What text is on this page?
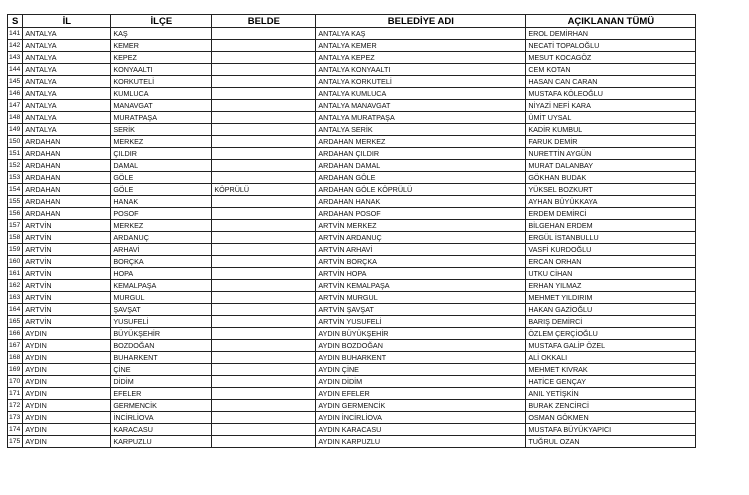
S	İL	İLÇE	BELDE	BELEDİYE ADI	AÇIKLANAN TÜMÜ
141	ANTALYA	KAŞ		ANTALYA KAŞ	EROL DEMİRHAN
142	ANTALYA	KEMER		ANTALYA KEMER	NECATİ TOPALOĞLU
143	ANTALYA	KEPEZ		ANTALYA KEPEZ	MESUT KOCAGÖZ
144	ANTALYA	KONYAALTI		ANTALYA KONYAALTI	CEM KOTAN
145	ANTALYA	KORKUTELİ		ANTALYA KORKUTELİ	HASAN CAN CARAN
146	ANTALYA	KUMLUCA		ANTALYA KUMLUCA	MUSTAFA KÖLEOĞLU
147	ANTALYA	MANAVGAT		ANTALYA MANAVGAT	NİYAZİ NEFİ KARA
148	ANTALYA	MURATPAŞA		ANTALYA MURATPAŞA	ÜMİT UYSAL
149	ANTALYA	SERİK		ANTALYA SERİK	KADİR KUMBUL
150	ARDAHAN	MERKEZ		ARDAHAN MERKEZ	FARUK DEMİR
151	ARDAHAN	ÇILDIR		ARDAHAN ÇILDIR	NURETTİN AYGÜN
152	ARDAHAN	DAMAL		ARDAHAN DAMAL	MURAT DALANBAY
153	ARDAHAN	GÖLE		ARDAHAN GÖLE	GÖKHAN BUDAK
154	ARDAHAN	GÖLE	KÖPRÜLÜ	ARDAHAN GÖLE KÖPRÜLÜ	YÜKSEL BOZKURT
155	ARDAHAN	HANAK		ARDAHAN HANAK	AYHAN BÜYÜKKAYA
156	ARDAHAN	POSOF		ARDAHAN POSOF	ERDEM DEMİRCİ
157	ARTVİN	MERKEZ		ARTVİN MERKEZ	BİLGEHAN ERDEM
158	ARTVİN	ARDANUÇ		ARTVİN ARDANUÇ	ERGÜL İSTANBULLU
159	ARTVİN	ARHAVİ		ARTVİN ARHAVİ	VASFİ KURDOĞLU
160	ARTVİN	BORÇKA		ARTVİN BORÇKA	ERCAN ORHAN
161	ARTVİN	HOPA		ARTVİN HOPA	UTKU CİHAN
162	ARTVİN	KEMALPAŞA		ARTVİN KEMALPAŞA	ERHAN YILMAZ
163	ARTVİN	MURGUL		ARTVİN MURGUL	MEHMET YILDIRIM
164	ARTVİN	ŞAVŞAT		ARTVİN ŞAVŞAT	HAKAN GAZİOĞLU
165	ARTVİN	YUSUFELİ		ARTVİN YUSUFELİ	BARIŞ DEMİRCİ
166	AYDIN	BÜYÜKŞEHİR		AYDIN BÜYÜKŞEHİR	ÖZLEM ÇERÇİOĞLU
167	AYDIN	BOZDOĞAN		AYDIN BOZDOĞAN	MUSTAFA GALİP ÖZEL
168	AYDIN	BUHARKENT		AYDIN BUHARKENT	ALİ OKKALI
169	AYDIN	ÇİNE		AYDIN ÇİNE	MEHMET KIVRAK
170	AYDIN	DİDİM		AYDIN DİDİM	HATİCE GENÇAY
171	AYDIN	EFELER		AYDIN EFELER	ANIL YETİŞKİN
172	AYDIN	GERMENCİK		AYDIN GERMENCİK	BURAK ZENCİRCİ
173	AYDIN	İNCİRLİOVA		AYDIN İNCİRLİOVA	OSMAN GÖKMEN
174	AYDIN	KARACASU		AYDIN KARACASU	MUSTAFA BÜYÜKYAPICI
175	AYDIN	KARPUZLU		AYDIN KARPUZLU	TUĞRUL OZAN
